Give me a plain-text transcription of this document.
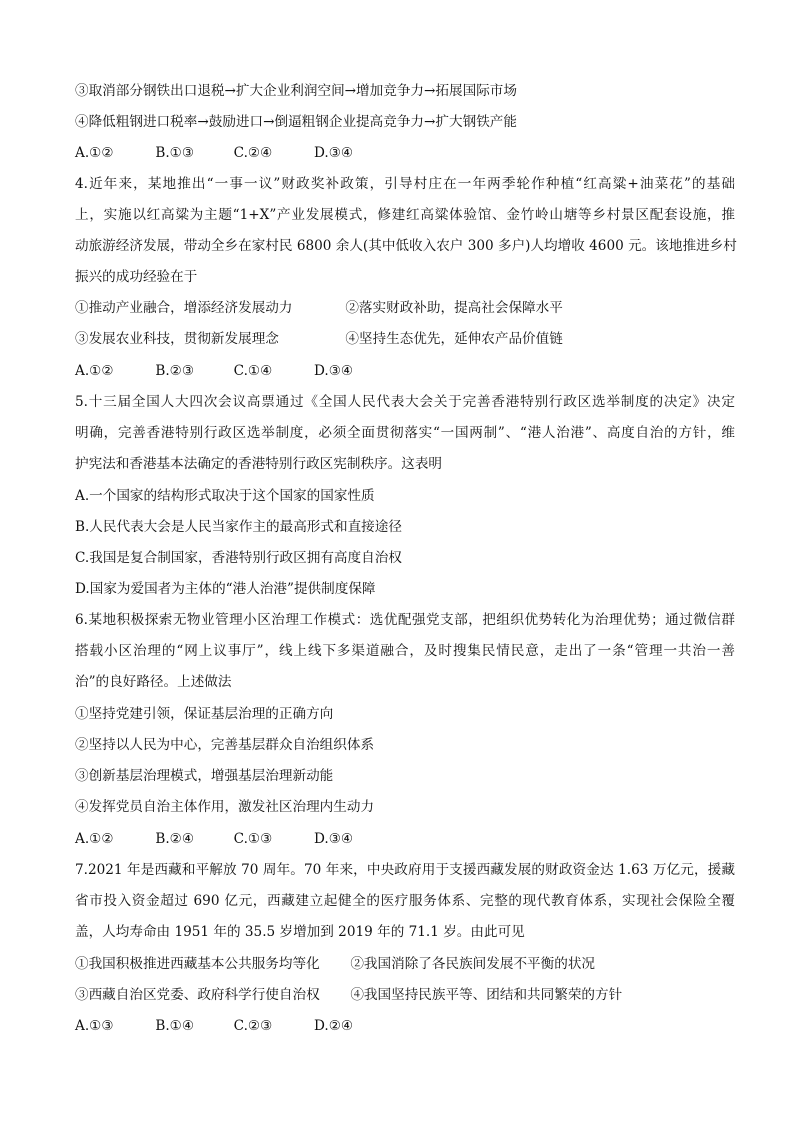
③取消部分钢铁出口退税→扩大企业利润空间→增加竞争力→拓展国际市场
④降低粗钢进口税率→鼓励进口→倒逼粗钢企业提高竞争力→扩大钢铁产能
A.①②	B.①③	C.②④	D.③④
4.近年来，某地推出“一事一议”财政奖补政策，引导村庄在一年两季轮作种植“红高粱+油菜花”的基础
上，实施以红高粱为主题“1+X”产业发展模式，修建红高粱体验馆、金竹岭山塘等乡村景区配套设施，推
动旅游经济发展，带动全乡在家村民 6800 余人(其中低收入农户 300 多户)人均增收 4600 元。该地推进乡村
振兴的成功经验在于
①推动产业融合，增添经济发展动力	②落实财政补助，提高社会保障水平
③发展农业科技，贯彻新发展理念	④坚持生态优先，延伸农产品价值链
A.①②	B.②③	C.①④	D.③④
5.十三届全国人大四次会议高票通过《全国人民代表大会关于完善香港特别行政区选举制度的决定》决定
明确，完善香港特别行政区选举制度，必须全面贯彻落实“一国两制”、“港人治港”、高度自治的方针，维
护宪法和香港基本法确定的香港特别行政区宪制秩序。这表明
A.一个国家的结构形式取决于这个国家的国家性质
B.人民代表大会是人民当家作主的最高形式和直接途径
C.我国是复合制国家，香港特别行政区拥有高度自治权
D.国家为爱国者为主体的“港人治港”提供制度保障
6.某地积极探索无物业管理小区治理工作模式：选优配强党支部，把组织优势转化为治理优势；通过微信群
搭载小区治理的“网上议事厅”，线上线下多渠道融合，及时搜集民情民意，走出了一条“管理一共治一善
治”的良好路径。上述做法
①坚持党建引领，保证基层治理的正确方向
②坚持以人民为中心，完善基层群众自治组织体系
③创新基层治理模式，增强基层治理新动能
④发挥党员自治主体作用，激发社区治理内生动力
A.①②	B.②④	C.①③	D.③④
7.2021 年是西藏和平解放 70 周年。70 年来，中央政府用于支援西藏发展的财政资金达 1.63 万亿元，援藏
省市投入资金超过 690 亿元，西藏建立起健全的医疗服务体系、完整的现代教育体系，实现社会保险全覆
盖，人均寿命由 1951 年的 35.5 岁增加到 2019 年的 71.1 岁。由此可见
①我国积极推进西藏基本公共服务均等化 ②我国消除了各民族间发展不平衡的状况
③西藏自治区党委、政府科学行使自治权 ④我国坚持民族平等、团结和共同繁荣的方针
A.①③	B.①④	C.②③	D.②④
